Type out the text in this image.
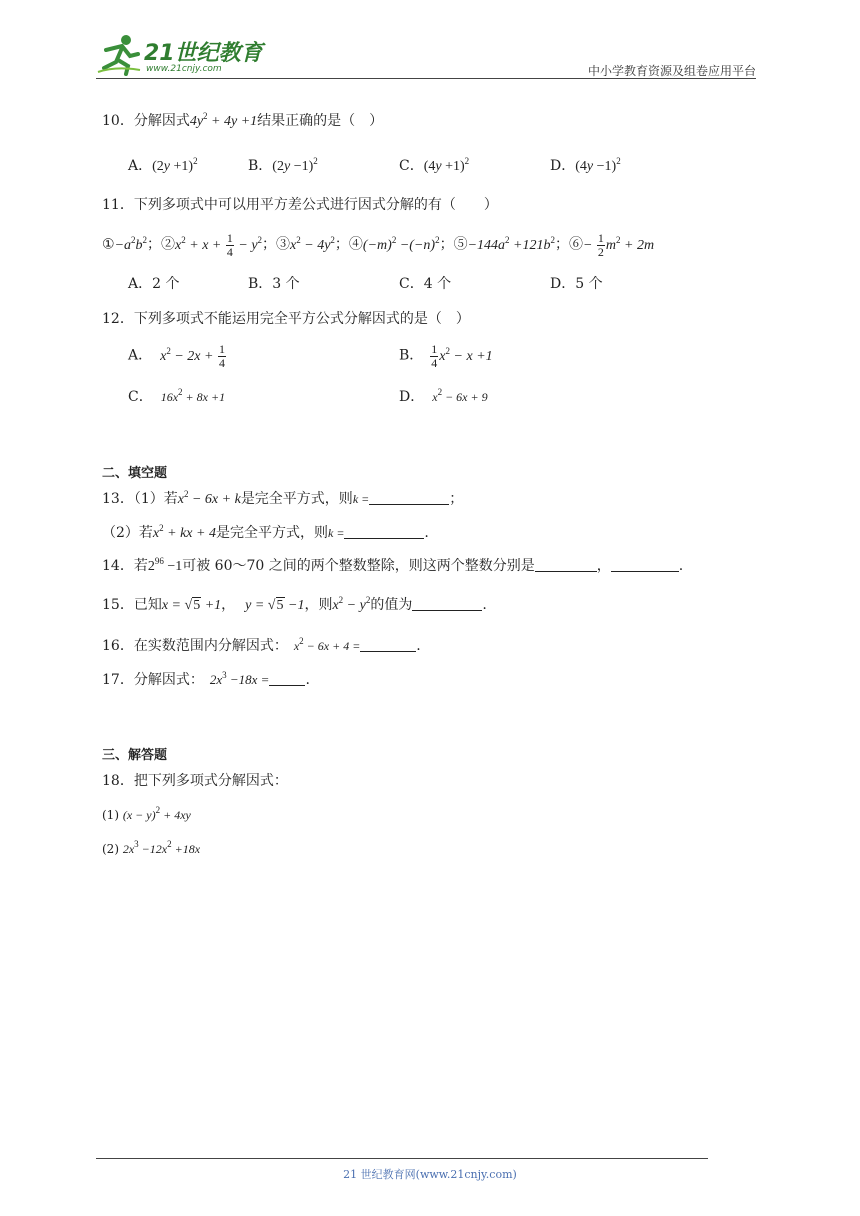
21世纪教育
www.21cnjy.com	中小学教育资源及组卷应用平台
10．分解因式$4y^2 + 4y +1$结果正确的是（　）
A．$(2y +1)^2$	B．$(2y -1)^2$	C．$(4y +1)^2$	D．$(4y -1)^2$
11．下列多项式中可以用平方差公式进行因式分解的有（　　）
$①-a^2b^2$；$②x^2 + x + \frac{1}{4} - y^2$；$③x^2 - 4y^2$；$④(-m)^2 -(-n)^2$；$⑤-144a^2 +121b^2$；⑥− $\frac{1}{2} m^2 + 2m$
A．2 个	B．3 个	C．4 个	D．5 个
12．下列多项式不能运用完全平方公式分解因式的是（　）
A． $x^2 - 2x + \frac{1}{4}$	B． $\frac{1}{4} x^2 - x +1$
C． $16x^2 + 8x +1$	D． $x^2 - 6x + 9$
二、填空题
13．（1）若$x^2 - 6x + k$是完全平方式，则k =	；
（2）若$x^2$ + kx + 4是完全平方式，则k =	.
14．若$2^{96} -1$可被 60～70 之间的两个整数整除，则这两个整数分别是	，	.
15．已知x = √5 +1， y = √5 −1，则$x^2 - y^2$的值为	.
16．在实数范围内分解因式： $x^2 - 6x + 4$ =	.
17．分解因式： $2x^3 -18x$ =	.
三、解答题
18．把下列多项式分解因式：
(1) $(x - y)^2 + 4xy$
(2) $2x^3 -12x^2 +18x$
21 世纪教育网(www.21cnjy.com)
